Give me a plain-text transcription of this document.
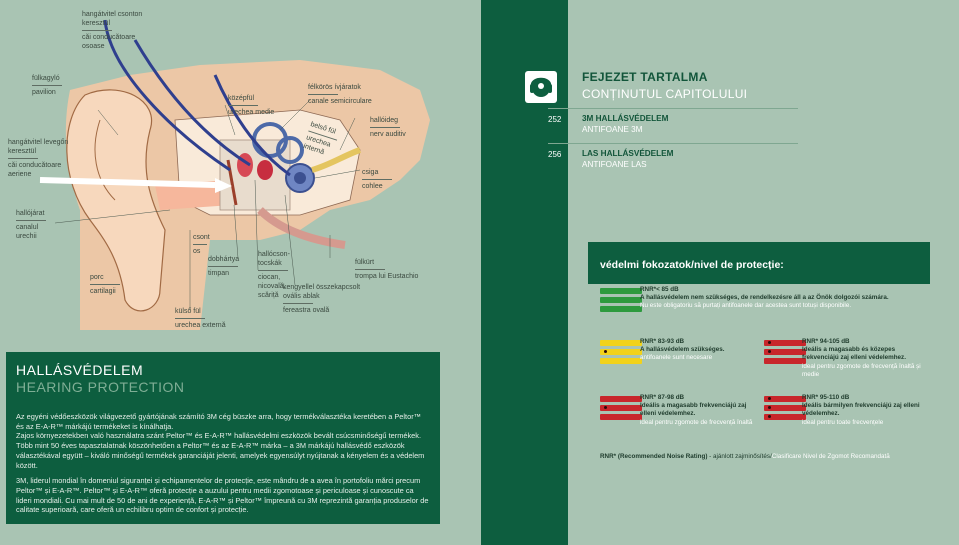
hangátvitel csonton keresztül
căi conducătoare osoase
fülkagyló
pavilion
középfül
urechea medie
félkörös ívjáratok
canale semicirculare
belső fül
urechea internă
hallóideg
nerv auditiv
hangátvitel levegőn keresztül
căi conducătoare aeriene	csiga
cohlee
hallójárat
canalul urechii	csont
os
dobhártya
timpan
hallócson-tocskák
ciocan, nicovală, scăriță
fülkürt
trompa lui Eustachio
porc
cartilagii
kengyellel összekapcsolt ovális ablak
fereastra ovală
külső fül
urechea externă
HALLÁSVÉDELEM
HEARING PROTECTION

Az egyéni védőeszközök világvezető gyártójának számító 3M cég büszke arra, hogy termékválasztéka keretében a Peltor™ és az E-A-R™ márkájú termékeket is kínálhatja.

Zajos környezetekben való használatra szánt Peltor™ és E-A-R™ hallásvédelmi eszközök bevált csúcsminőségű termékek. Több mint 50 éves tapasztalatnak köszönhetően a Peltor™ és az E-A-R™ márka – a 3M márkájú hallásvédő eszközök választékával együtt – kiváló minőségű termékek garanciáját jelenti, amelyek egyensúlyt nyújtanak a kényelem és a védelem között.

3M, liderul mondial în domeniul siguranței și echipamentelor de protecție, este mândru de a avea în portofoliu mărci precum Peltor™ și E-A-R™. Peltor™ și E-A-R™ oferă protecție a auzului pentru medii zgomotoase și periculoase și cunoscute ca lideri mondiali. Cu mai mult de 50 de ani de experiență, E-A-R™ și Peltor™ împreună cu 3M reprezintă garanția produselor de calitate superioară, care oferă un echilibru optim de confort și protecție.

FEJEZET TARTALMA
CONȚINUTUL CAPITOLULUI
252	3M HALLÁSVÉDELEM
ANTIFOANE 3M
256	LAS HALLÁSVÉDELEM
ANTIFOANE LAS
védelmi fokozatok/nivel de protecție:
RNR*< 85 dB
A hallásvédelem nem szükséges, de rendelkezésre áll a az Önök dolgozói számára.
Nu este obligatoriu să purtați antifoanele dar acestea sunt totuși disponibile.
RNR* 83-93 dB
A hallásvédelem szükséges.
antifoanele sunt necesare
RNR* 94-105 dB
Ideális a magasabb és közepes frekvenciájú zaj elleni védelemhez.
ideal pentru zgomote de frecvență înaltă și medie
RNR* 87-98 dB
Ideális a magasabb frekvenciájú zaj elleni védelemhez.
ideal pentru zgomote de frecvență înaltă
RNR* 95-110 dB
Ideális bármilyen frekvenciájú zaj elleni védelemhez.
ideal pentru toate frecvențele
RNR* (Recommended Noise Rating) - ajánlott zajminősítés/Clasificare Nivel de Zgomot Recomandată
